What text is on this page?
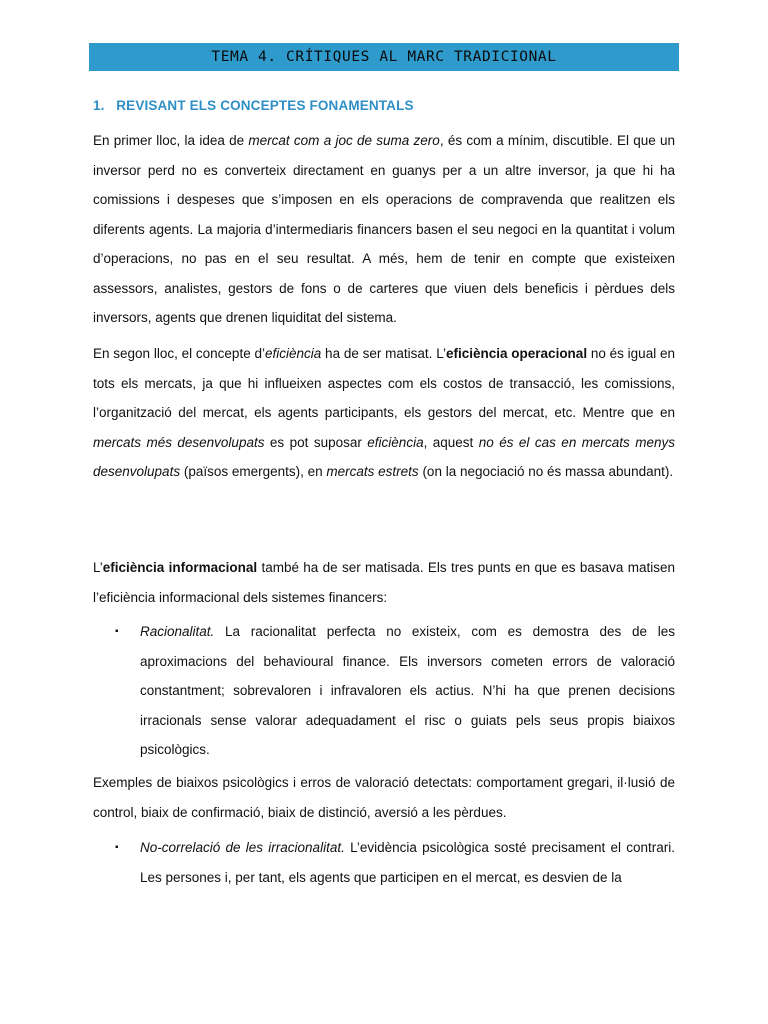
TEMA 4. CRÍTIQUES AL MARC TRADICIONAL
1. REVISANT ELS CONCEPTES FONAMENTALS

En primer lloc, la idea de mercat com a joc de suma zero, és com a mínim, discutible. El que un inversor perd no es converteix directament en guanys per a un altre inversor, ja que hi ha comissions i despeses que s’imposen en els operacions de compravenda que realitzen els diferents agents. La majoria d’intermediaris financers basen el seu negoci en la quantitat i volum d’operacions, no pas en el seu resultat. A més, hem de tenir en compte que existeixen assessors, analistes, gestors de fons o de carteres que viuen dels beneficis i pèrdues dels inversors, agents que drenen liquiditat del sistema.

En segon lloc, el concepte d’eficiència ha de ser matisat. L’eficiència operacional no és igual en tots els mercats, ja que hi influeixen aspectes com els costos de transacció, les comissions, l’organització del mercat, els agents participants, els gestors del mercat, etc. Mentre que en mercats més desenvolupats es pot suposar eficiència, aquest no és el cas en mercats menys desenvolupats (països emergents), en mercats estrets (on la negociació no és massa abundant).

L’eficiència informacional també ha de ser matisada. Els tres punts en que es basava matisen l’eficiència informacional dels sistemes financers:

▪ Racionalitat. La racionalitat perfecta no existeix, com es demostra des de les aproximacions del behavioural finance. Els inversors cometen errors de valoració constantment; sobrevaloren i infravaloren els actius. N’hi ha que prenen decisions irracionals sense valorar adequadament el risc o guiats pels seus propis biaixos psicològics.

Exemples de biaixos psicològics i erros de valoració detectats: comportament gregari, il·lusió de control, biaix de confirmació, biaix de distinció, aversió a les pèrdues.

▪ No-correlació de les irracionalitat. L’evidència psicològica sosté precisament el contrari. Les persones i, per tant, els agents que participen en el mercat, es desvien de la
